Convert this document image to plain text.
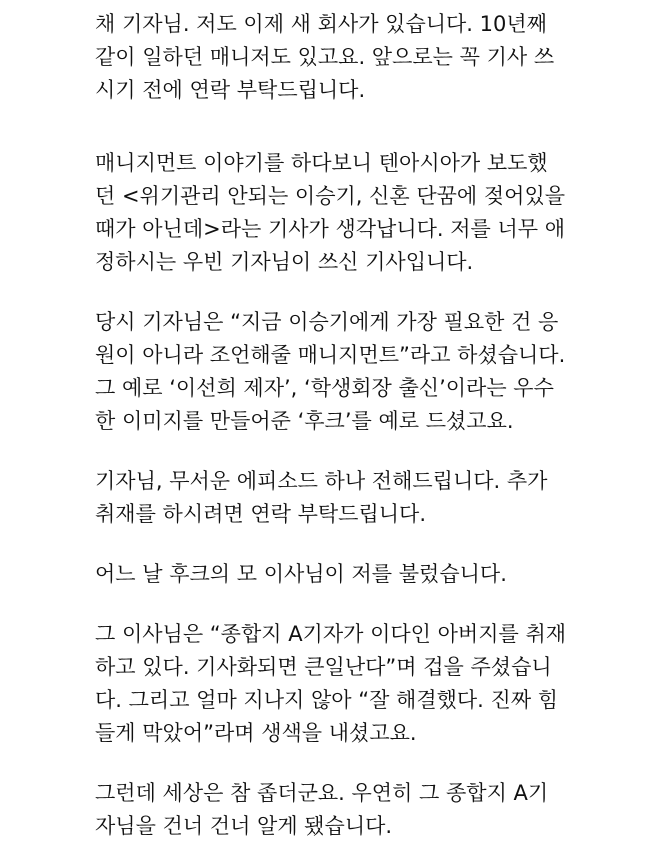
채 기자님. 저도 이제 새 회사가 있습니다. 10년째
같이 일하던 매니저도 있고요. 앞으로는 꼭 기사 쓰
시기 전에 연락 부탁드립니다.

매니지먼트 이야기를 하다보니 텐아시아가 보도했
던 <위기관리 안되는 이승기, 신혼 단꿈에 젖어있을
때가 아닌데>라는 기사가 생각납니다. 저를 너무 애
정하시는 우빈 기자님이 쓰신 기사입니다.

당시 기자님은 “지금 이승기에게 가장 필요한 건 응
원이 아니라 조언해줄 매니지먼트”라고 하셨습니다.
그 예로 ‘이선희 제자’, ‘학생회장 출신’이라는 우수
한 이미지를 만들어준 ‘후크’를 예로 드셨고요.

기자님, 무서운 에피소드 하나 전해드립니다. 추가
취재를 하시려면 연락 부탁드립니다.

어느 날 후크의 모 이사님이 저를 불렀습니다.

그 이사님은 “종합지 A기자가 이다인 아버지를 취재
하고 있다. 기사화되면 큰일난다”며 겁을 주셨습니
다. 그리고 얼마 지나지 않아 “잘 해결했다. 진짜 힘
들게 막았어”라며 생색을 내셨고요.

그런데 세상은 참 좁더군요. 우연히 그 종합지 A기
자님을 건너 건너 알게 됐습니다.
